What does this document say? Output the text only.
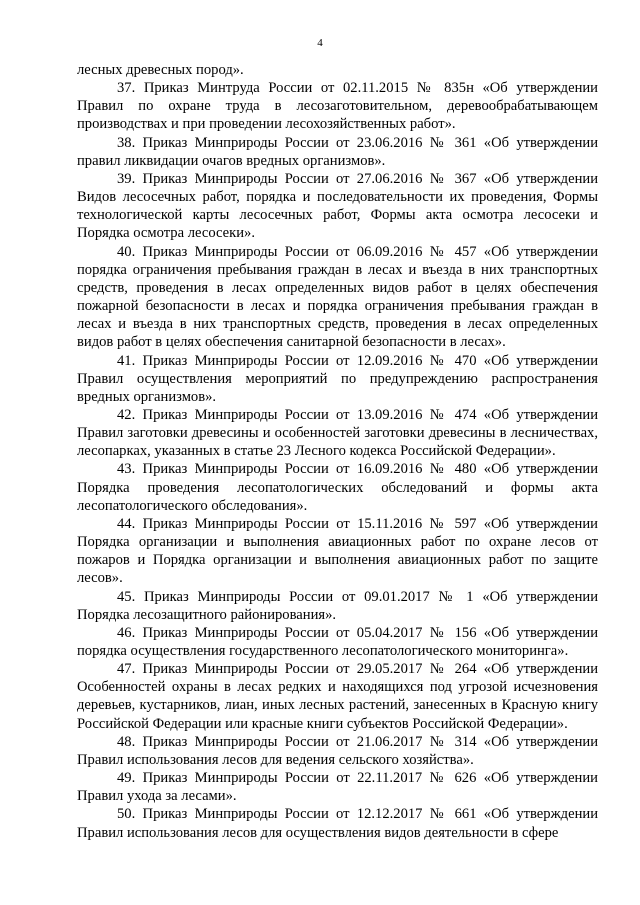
4

лесных древесных пород».

37. Приказ Минтруда России от 02.11.2015 № 835н «Об утверждении Правил по охране труда в лесозаготовительном, деревообрабатывающем производствах и при проведении лесохозяйственных работ».

38. Приказ Минприроды России от 23.06.2016 № 361 «Об утверждении правил ликвидации очагов вредных организмов».

39. Приказ Минприроды России от 27.06.2016 № 367 «Об утверждении Видов лесосечных работ, порядка и последовательности их проведения, Формы технологической карты лесосечных работ, Формы акта осмотра лесосеки и Порядка осмотра лесосеки».

40. Приказ Минприроды России от 06.09.2016 № 457 «Об утверждении порядка ограничения пребывания граждан в лесах и въезда в них транспортных средств, проведения в лесах определенных видов работ в целях обеспечения пожарной безопасности в лесах и порядка ограничения пребывания граждан в лесах и въезда в них транспортных средств, проведения в лесах определенных видов работ в целях обеспечения санитарной безопасности в лесах».

41. Приказ Минприроды России от 12.09.2016 № 470 «Об утверждении Правил осуществления мероприятий по предупреждению распространения вредных организмов».

42. Приказ Минприроды России от 13.09.2016 № 474 «Об утверждении Правил заготовки древесины и особенностей заготовки древесины в лесничествах, лесопарках, указанных в статье 23 Лесного кодекса Российской Федерации».

43. Приказ Минприроды России от 16.09.2016 № 480 «Об утверждении Порядка проведения лесопатологических обследований и формы акта лесопатологического обследования».

44. Приказ Минприроды России от 15.11.2016 № 597 «Об утверждении Порядка организации и выполнения авиационных работ по охране лесов от пожаров и Порядка организации и выполнения авиационных работ по защите лесов».

45. Приказ Минприроды России от 09.01.2017 № 1 «Об утверждении Порядка лесозащитного районирования».

46. Приказ Минприроды России от 05.04.2017 № 156 «Об утверждении порядка осуществления государственного лесопатологического мониторинга».

47. Приказ Минприроды России от 29.05.2017 № 264 «Об утверждении Особенностей охраны в лесах редких и находящихся под угрозой исчезновения деревьев, кустарников, лиан, иных лесных растений, занесенных в Красную книгу Российской Федерации или красные книги субъектов Российской Федерации».

48. Приказ Минприроды России от 21.06.2017 № 314 «Об утверждении Правил использования лесов для ведения сельского хозяйства».

49. Приказ Минприроды России от 22.11.2017 № 626 «Об утверждении Правил ухода за лесами».

50. Приказ Минприроды России от 12.12.2017 № 661 «Об утверждении Правил использования лесов для осуществления видов деятельности в сфере
